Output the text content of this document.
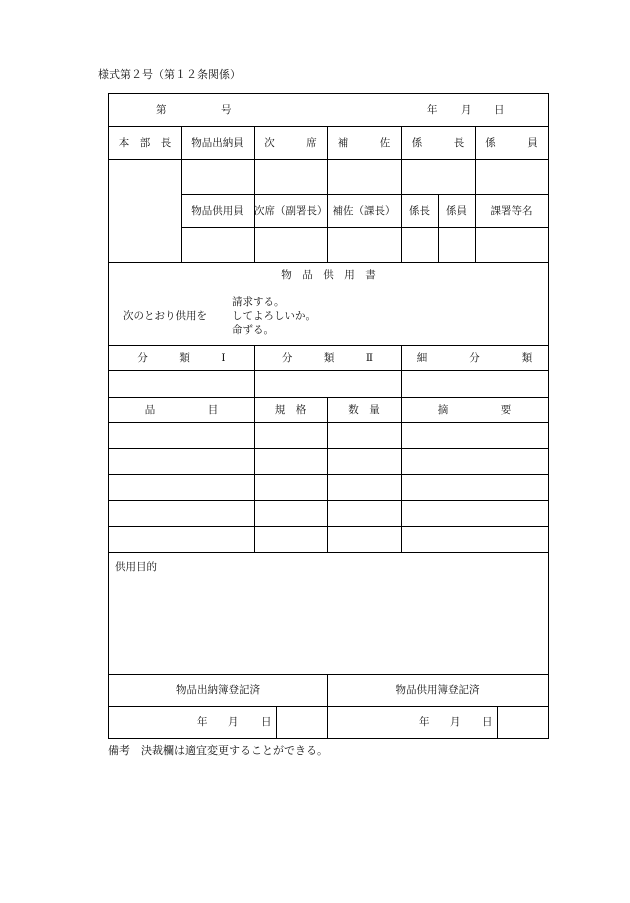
様式第２号（第１２条関係）
第	号	年 月 日
本　部　長	物品出納員	次　　　席	補　　　佐	係　　　長	係　　　員
物品供用員 次席（副署長） 補佐（課長）	係長	係員	課署等名
物　品　供　用　書
次のとおり供用を
請求する。
してよろしいか。
命ずる。
分　　　類　　　Ⅰ	分　　　類　　　Ⅱ	細　　　　分　　　　類
品　　　　　目	規　格	数　量	摘　　　　　要
供用目的
物品出納簿登記済	物品供用簿登記済
年 月 日	年 月 日
備考　決裁欄は適宜変更することができる。
